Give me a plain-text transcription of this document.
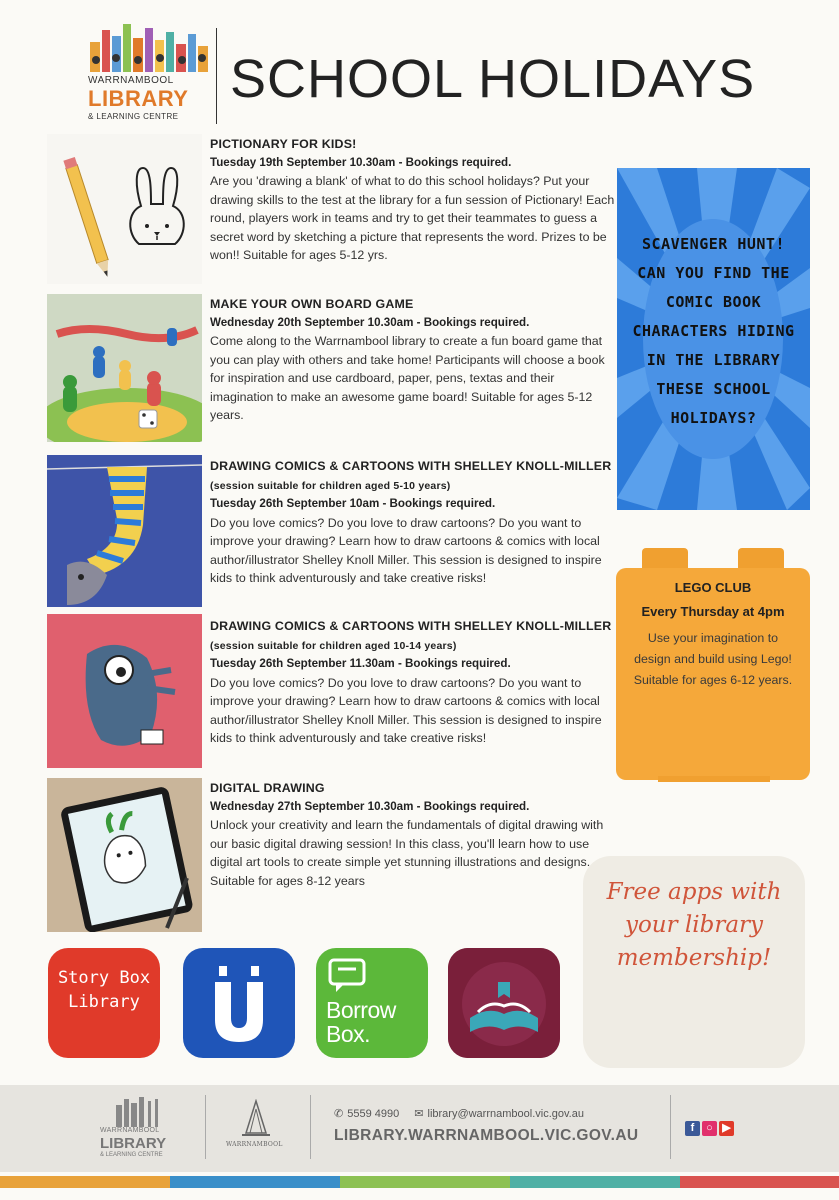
WARRNAMBOOL
LIBRARY
& LEARNING CENTRE
SCHOOL HOLIDAYS
PICTIONARY FOR KIDS!
Tuesday 19th September 10.30am - Bookings required.
Are you 'drawing a blank' of what to do this school holidays? Put your drawing skills to the test at the library for a fun session of Pictionary! Each round, players work in teams and try to get their teammates to guess a secret word by sketching a picture that represents the word. Prizes to be won!! Suitable for ages 5-12 yrs.
MAKE YOUR OWN BOARD GAME
Wednesday 20th September 10.30am - Bookings required.
Come along to the Warrnambool library to create a fun board game that you can play with others and take home! Participants will choose a book for inspiration and use cardboard, paper, pens, textas and their imagination to make an awesome game board! Suitable for ages 5-12 years.
DRAWING COMICS & CARTOONS WITH SHELLEY KNOLL-MILLER (session suitable for children aged 5-10 years)
Tuesday 26th September 10am - Bookings required.
Do you love comics? Do you love to draw cartoons? Do you want to improve your drawing? Learn how to draw cartoons & comics with local author/illustrator Shelley Knoll Miller. This session is designed to inspire kids to think adventurously and take creative risks!
DRAWING COMICS & CARTOONS WITH SHELLEY KNOLL-MILLER (session suitable for children aged 10-14 years)
Tuesday 26th September 11.30am - Bookings required.
Do you love comics? Do you love to draw cartoons? Do you want to improve your drawing? Learn how to draw cartoons & comics with local author/illustrator Shelley Knoll Miller. This session is designed to inspire kids to think adventurously and take creative risks!
DIGITAL DRAWING
Wednesday 27th September 10.30am - Bookings required.
Unlock your creativity and learn the fundamentals of digital drawing with our basic digital drawing session! In this class, you'll learn how to use digital art tools to create simple yet stunning illustrations and designs. Suitable for ages 8-12 years
SCAVENGER HUNT! CAN YOU FIND THE COMIC BOOK CHARACTERS HIDING IN THE LIBRARY THESE SCHOOL HOLIDAYS?
LEGO CLUB
Every Thursday at 4pm
Use your imagination to design and build using Lego! Suitable for ages 6-12 years.
Story Box Library	Borrow Box.
Free apps with your library membership!
WARRNAMBOOL
LIBRARY
& LEARNING CENTRE
WARRNAMBOOL
✆ 5559 4990 ✉ library@warrnambool.vic.gov.au
LIBRARY.WARRNAMBOOL.VIC.GOV.AU	f ○ ▶
